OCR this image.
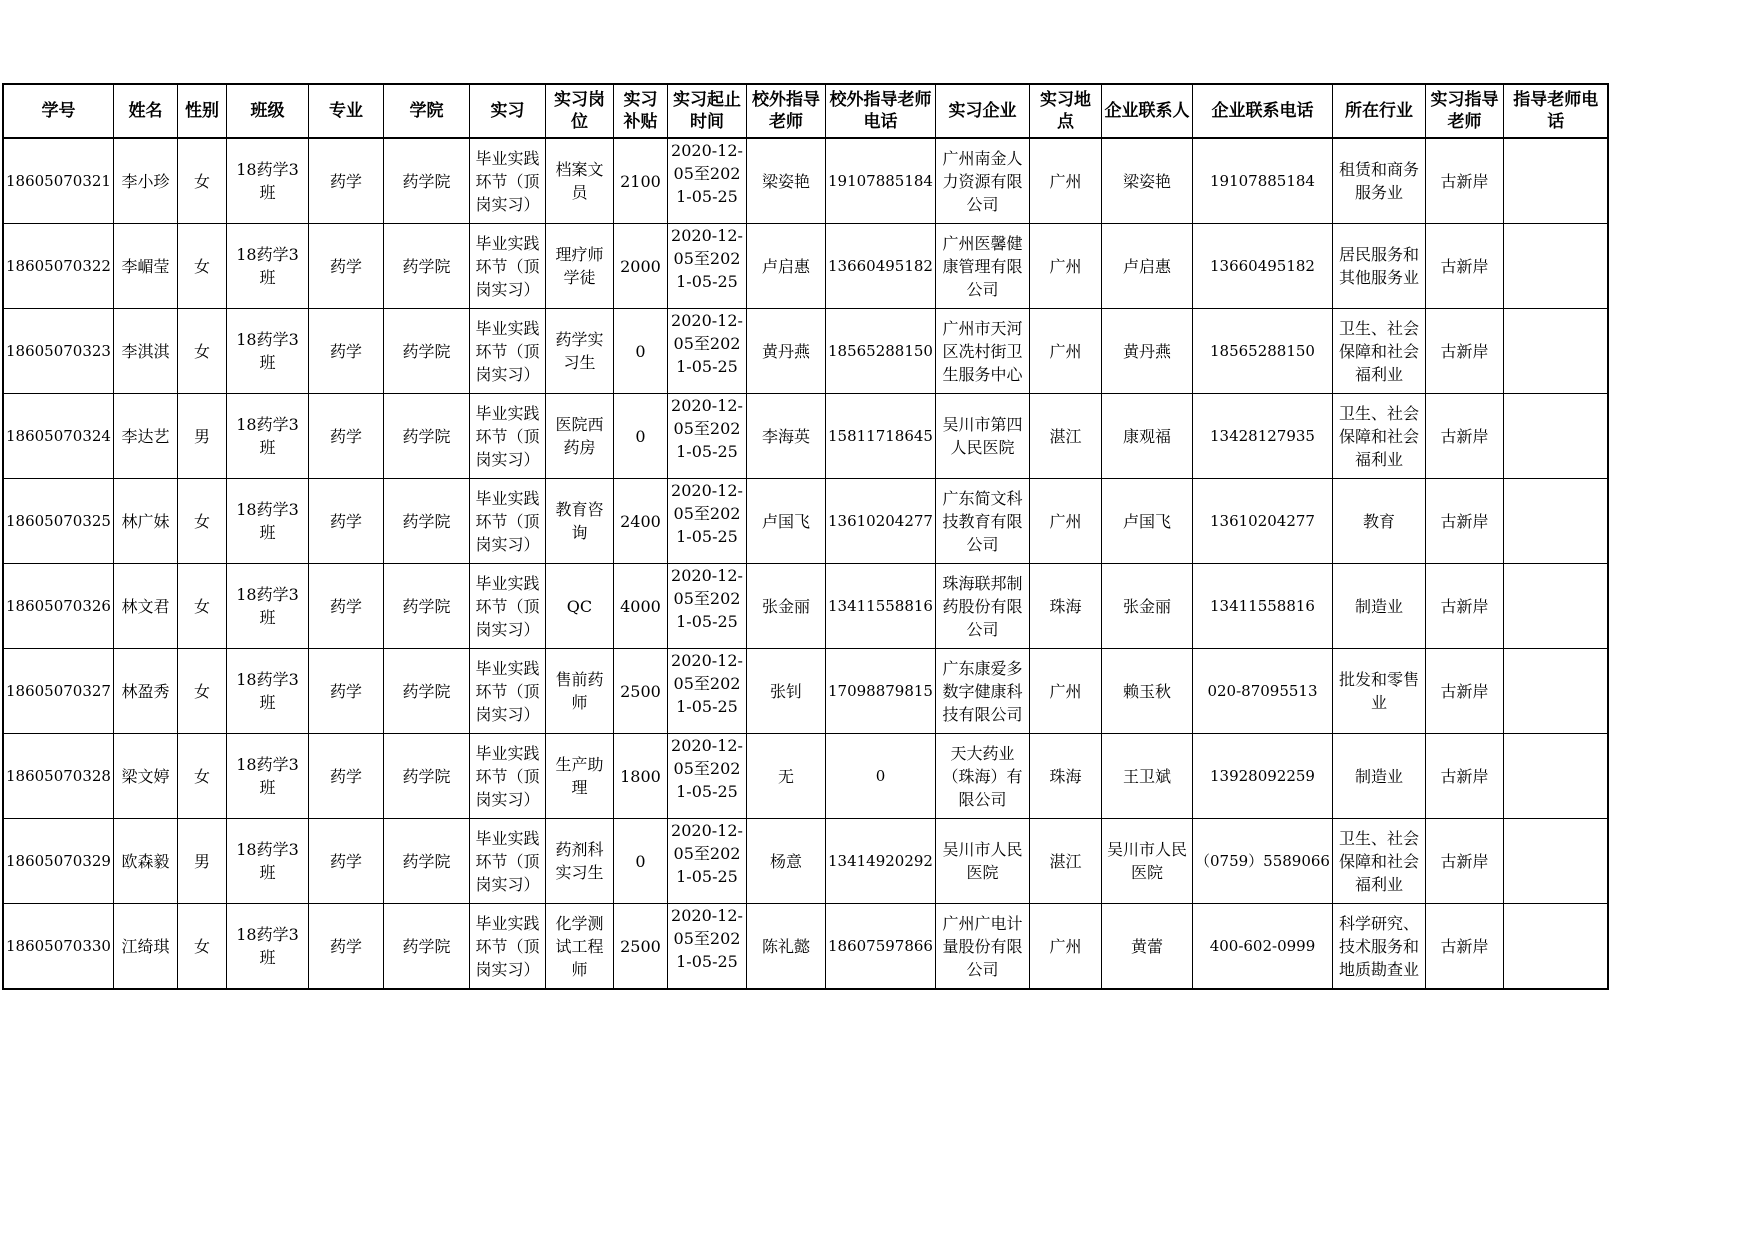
学号	姓名	性别	班级	专业	学院	实习	实习岗位	实习补贴	实习起止时间	校外指导老师	校外指导老师电话	实习企业	实习地点	企业联系人	企业联系电话	所在行业	实习指导老师	指导老师电话
18605070321	李小珍	女	18药学3班	药学	药学院	毕业实践环节（顶岗实习）	档案文员	2100	2020-12-05至2021-05-25	梁姿艳	19107885184	广州南金人力资源有限公司	广州	梁姿艳	19107885184	租赁和商务服务业	古新岸	
18605070322	李嵋莹	女	18药学3班	药学	药学院	毕业实践环节（顶岗实习）	理疗师学徒	2000	2020-12-05至2021-05-25	卢启惠	13660495182	广州医馨健康管理有限公司	广州	卢启惠	13660495182	居民服务和其他服务业	古新岸	
18605070323	李淇淇	女	18药学3班	药学	药学院	毕业实践环节（顶岗实习）	药学实习生	0	2020-12-05至2021-05-25	黄丹燕	18565288150	广州市天河区冼村街卫生服务中心	广州	黄丹燕	18565288150	卫生、社会保障和社会福利业	古新岸	
18605070324	李达艺	男	18药学3班	药学	药学院	毕业实践环节（顶岗实习）	医院西药房	0	2020-12-05至2021-05-25	李海英	15811718645	吴川市第四人民医院	湛江	康观福	13428127935	卫生、社会保障和社会福利业	古新岸	
18605070325	林广妹	女	18药学3班	药学	药学院	毕业实践环节（顶岗实习）	教育咨询	2400	2020-12-05至2021-05-25	卢国飞	13610204277	广东简文科技教育有限公司	广州	卢国飞	13610204277	教育	古新岸	
18605070326	林文君	女	18药学3班	药学	药学院	毕业实践环节（顶岗实习）	QC	4000	2020-12-05至2021-05-25	张金丽	13411558816	珠海联邦制药股份有限公司	珠海	张金丽	13411558816	制造业	古新岸	
18605070327	林盈秀	女	18药学3班	药学	药学院	毕业实践环节（顶岗实习）	售前药师	2500	2020-12-05至2021-05-25	张钊	17098879815	广东康爱多数字健康科技有限公司	广州	赖玉秋	020-87095513	批发和零售业	古新岸	
18605070328	梁文婷	女	18药学3班	药学	药学院	毕业实践环节（顶岗实习）	生产助理	1800	2020-12-05至2021-05-25	无	0	天大药业（珠海）有限公司	珠海	王卫斌	13928092259	制造业	古新岸	
18605070329	欧森毅	男	18药学3班	药学	药学院	毕业实践环节（顶岗实习）	药剂科实习生	0	2020-12-05至2021-05-25	杨意	13414920292	吴川市人民医院	湛江	吴川市人民医院	（0759）5589066	卫生、社会保障和社会福利业	古新岸	
18605070330	江绮琪	女	18药学3班	药学	药学院	毕业实践环节（顶岗实习）	化学测试工程师	2500	2020-12-05至2021-05-25	陈礼懿	18607597866	广州广电计量股份有限公司	广州	黄蕾	400-602-0999	科学研究、技术服务和地质勘查业	古新岸	
